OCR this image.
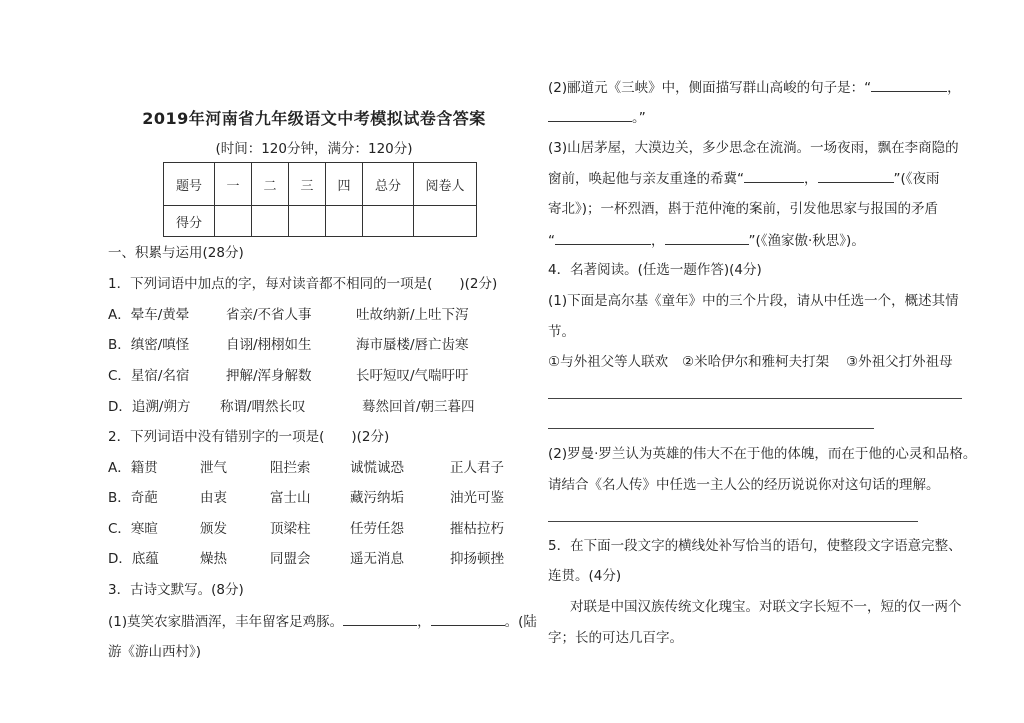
2019年河南省九年级语文中考模拟试卷含答案
(时间：120分钟，满分：120分)
题号	一	二	三	四	总分	阅卷人
得分						
一、积累与运用(28分)
1．下列词语中加点的字，每对读音都不相同的一项是(　　)(2分)
A．晕车/黄晕	省亲/不省人事	吐故纳新/上吐下泻
B．缜密/嗔怪	自诩/栩栩如生	海市蜃楼/唇亡齿寒
C．星宿/名宿	押解/浑身解数	长吁短叹/气喘吁吁
D．追溯/朔方	称谓/喟然长叹	蓦然回首/朝三暮四
2．下列词语中没有错别字的一项是(　　)(2分)
A．籍贯	泄气	阻拦索	诚慌诚恐	正人君子
B．奇葩	由衷	富士山	藏污纳垢	油光可鉴
C．寒暄	颁发	顶梁柱	任劳任怨	摧枯拉朽
D．底蕴	燥热	同盟会	遥无消息	抑扬顿挫
3．古诗文默写。(8分)
(1)莫笑农家腊酒浑，丰年留客足鸡豚。	，	。(陆
游《游山西村》)
(2)郦道元《三峡》中，侧面描写群山高峻的句子是：“	，
。”
(3)山居茅屋，大漠边关，多少思念在流淌。一场夜雨，飘在李商隐的
窗前，唤起他与亲友重逢的希冀“	，	”(《夜雨
寄北》)；一杯烈酒，斟于范仲淹的案前，引发他思家与报国的矛盾
“	，	”(《渔家傲·秋思》)。
4．名著阅读。(任选一题作答)(4分)
(1)下面是高尔基《童年》中的三个片段，请从中任选一个，概述其情
节。
①与外祖父等人联欢	②米哈伊尔和雅柯夫打架	③外祖父打外祖母
(2)罗曼·罗兰认为英雄的伟大不在于他的体魄，而在于他的心灵和品格。
请结合《名人传》中任选一主人公的经历说说你对这句话的理解。
5．在下面一段文字的横线处补写恰当的语句，使整段文字语意完整、
连贯。(4分)
对联是中国汉族传统文化瑰宝。对联文字长短不一，短的仅一两个
字；长的可达几百字。
